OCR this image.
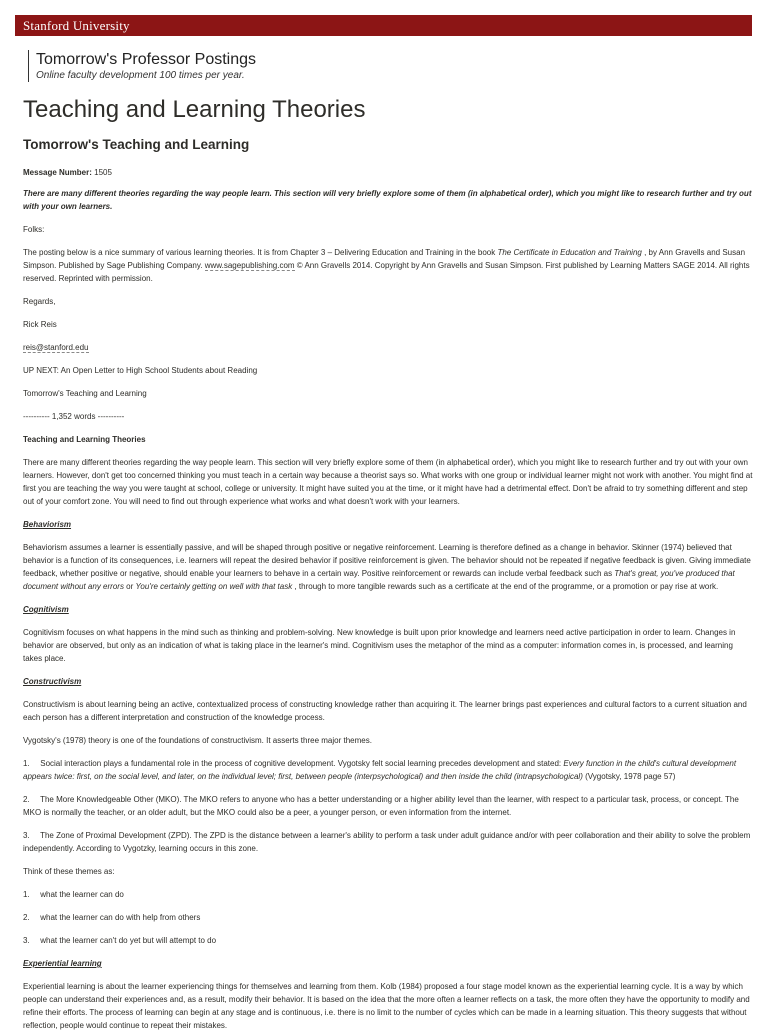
Stanford University
Tomorrow's Professor Postings
Online faculty development 100 times per year.
Teaching and Learning Theories
Tomorrow's Teaching and Learning

Message Number: 1505

There are many different theories regarding the way people learn. This section will very briefly explore some of them (in alphabetical order), which you might like to research further and try out with your own learners.

Folks:

The posting below is a nice summary of various learning theories. It is from Chapter 3 – Delivering Education and Training in the book The Certificate in Education and Training , by Ann Gravells and Susan Simpson. Published by Sage Publishing Company. www.sagepublishing.com © Ann Gravells 2014. Copyright by Ann Gravells and Susan Simpson. First published by Learning Matters SAGE 2014. All rights reserved. Reprinted with permission.

Regards,

Rick Reis

reis@stanford.edu

UP NEXT: An Open Letter to High School Students about Reading

Tomorrow's Teaching and Learning

---------- 1,352 words ----------

Teaching and Learning Theories

There are many different theories regarding the way people learn. This section will very briefly explore some of them (in alphabetical order), which you might like to research further and try out with your own learners. However, don't get too concerned thinking you must teach in a certain way because a theorist says so. What works with one group or individual learner might not work with another. You might find at first you are teaching the way you were taught at school, college or university. It might have suited you at the time, or it might have had a detrimental effect. Don't be afraid to try something different and step out of your comfort zone. You will need to find out through experience what works and what doesn't work with your learners.

Behaviorism

Behaviorism assumes a learner is essentially passive, and will be shaped through positive or negative reinforcement. Learning is therefore defined as a change in behavior. Skinner (1974) believed that behavior is a function of its consequences, i.e. learners will repeat the desired behavior if positive reinforcement is given. The behavior should not be repeated if negative feedback is given. Giving immediate feedback, whether positive or negative, should enable your learners to behave in a certain way. Positive reinforcement or rewards can include verbal feedback such as That's great, you've produced that document without any errors or You're certainly getting on well with that task , through to more tangible rewards such as a certificate at the end of the programme, or a promotion or pay rise at work.

Cognitivism

Cognitivism focuses on what happens in the mind such as thinking and problem-solving. New knowledge is built upon prior knowledge and learners need active participation in order to learn. Changes in behavior are observed, but only as an indication of what is taking place in the learner's mind. Cognitivism uses the metaphor of the mind as a computer: information comes in, is processed, and learning takes place.

Constructivism

Constructivism is about learning being an active, contextualized process of constructing knowledge rather than acquiring it. The learner brings past experiences and cultural factors to a current situation and each person has a different interpretation and construction of the knowledge process.

Vygotsky's (1978) theory is one of the foundations of constructivism. It asserts three major themes.

1. Social interaction plays a fundamental role in the process of cognitive development. Vygotsky felt social learning precedes development and stated: Every function in the child's cultural development appears twice: first, on the social level, and later, on the individual level; first, between people (interpsychological) and then inside the child (intrapsychological) (Vygotsky, 1978 page 57)

2. The More Knowledgeable Other (MKO). The MKO refers to anyone who has a better understanding or a higher ability level than the learner, with respect to a particular task, process, or concept. The MKO is normally the teacher, or an older adult, but the MKO could also be a peer, a younger person, or even information from the internet.

3. The Zone of Proximal Development (ZPD). The ZPD is the distance between a learner's ability to perform a task under adult guidance and/or with peer collaboration and their ability to solve the problem independently. According to Vygotzky, learning occurs in this zone.

Think of these themes as:

1. what the learner can do

2. what the learner can do with help from others

3. what the learner can't do yet but will attempt to do

Experiential learning

Experiential learning is about the learner experiencing things for themselves and learning from them. Kolb (1984) proposed a four stage model known as the experiential learning cycle. It is a way by which people can understand their experiences and, as a result, modify their behavior. It is based on the idea that the more often a learner reflects on a task, the more often they have the opportunity to modify and refine their efforts. The process of learning can begin at any stage and is continuous, i.e. there is no limit to the number of cycles which can be made in a learning situation. This theory suggests that without reflection, people would continue to repeat their mistakes.
